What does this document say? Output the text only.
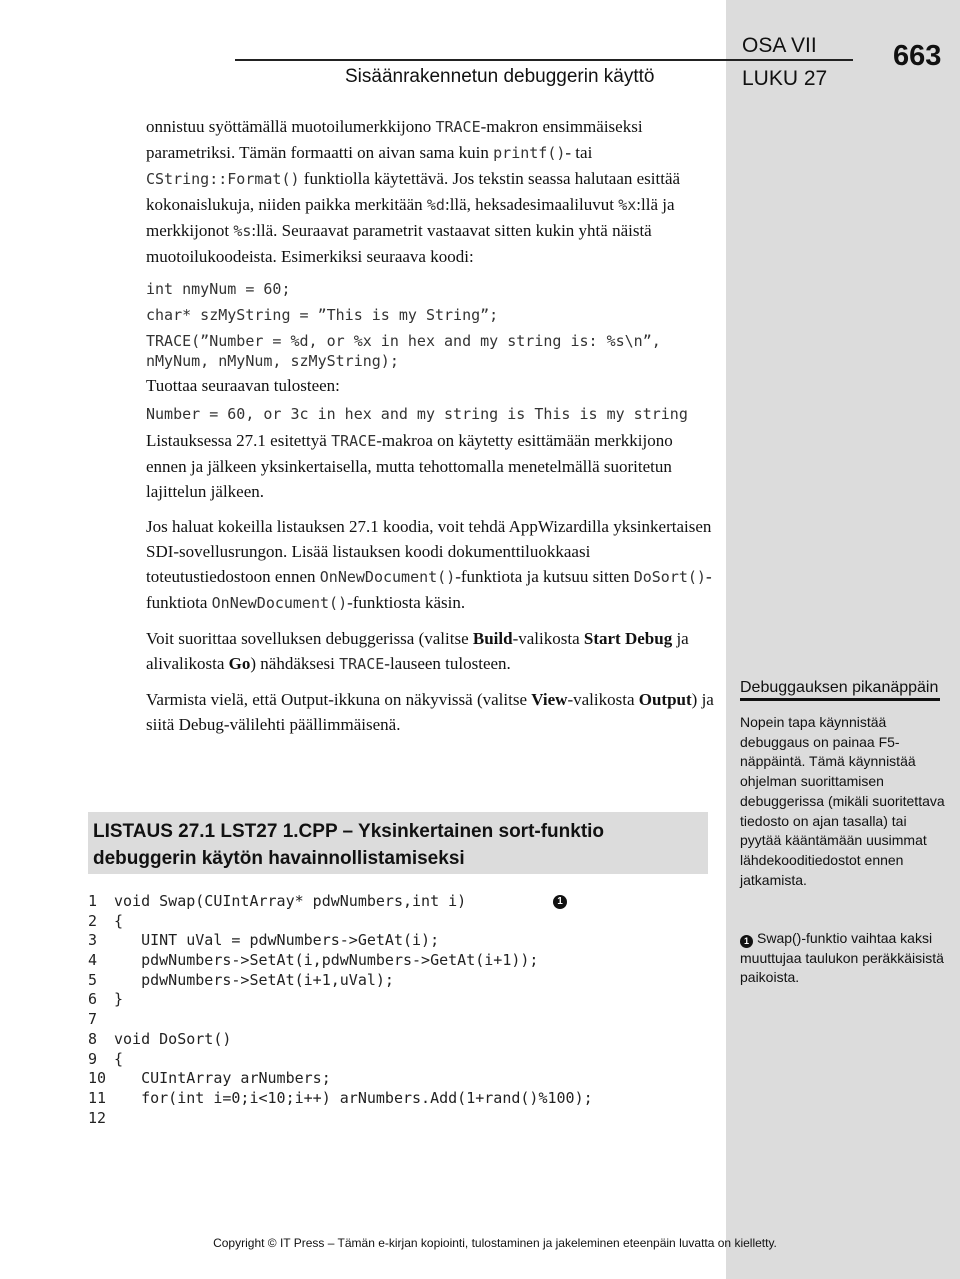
Sisäänrakennetun debuggerin käyttö
OSA VII
LUKU 27
663

onnistuu syöttämällä muotoilumerkkijono TRACE-makron ensimmäiseksi parametriksi. Tämän formaatti on aivan sama kuin printf()- tai CString::Format() funktiolla käytettävä. Jos tekstin seassa halutaan esittää kokonaislukuja, niiden paikka merkitään %d:llä, heksadesimaaliluvut %x:llä ja merkkijonot %s:llä. Seuraavat parametrit vastaavat sitten kukin yhtä näistä muotoilukoodeista. Esimerkiksi seuraava koodi:

int nmyNum = 60;
char* szMyString = ”This is my String”;
TRACE(”Number = %d, or %x in hex and my string is: %s\n”, nMyNum, nMyNum, szMyString);

Tuottaa seuraavan tulosteen:

Number = 60, or 3c in hex and my string is This is my string

Listauksessa 27.1 esitettyä TRACE-makroa on käytetty esittämään merkkijono ennen ja jälkeen yksinkertaisella, mutta tehottomalla menetelmällä suoritetun lajittelun jälkeen.

Jos haluat kokeilla listauksen 27.1 koodia, voit tehdä AppWizardilla yksinkertaisen SDI-sovellusrungon. Lisää listauksen koodi dokumenttiluokkaasi toteutustiedostoon ennen OnNewDocument()-funktiota ja kutsuu sitten DoSort()-funktiota OnNewDocument()-funktiosta käsin.

Voit suorittaa sovelluksen debuggerissa (valitse Build-valikosta Start Debug ja alivalikosta Go) nähdäksesi TRACE-lauseen tulosteen.

Varmista vielä, että Output-ikkuna on näkyvissä (valitse View-valikosta Output) ja siitä Debug-välilehti päällimmäisenä.

LISTAUS 27.1 LST27 1.CPP – Yksinkertainen sort-funktio debuggerin käytön havainnollistamiseksi
1	void Swap(CUIntArray* pdwNumbers,int i)
2	{
3	UINT uVal = pdwNumbers->GetAt(i);
4	pdwNumbers->SetAt(i,pdwNumbers->GetAt(i+1));
5	pdwNumbers->SetAt(i+1,uVal);
6	}
7
8	void DoSort()
9	{
10 CUIntArray arNumbers;
11 for(int i=0;i<10;i++) arNumbers.Add(1+rand()%100);
12
1
Debuggauksen pikanäppäin
Nopein tapa käynnistää debuggaus on painaa F5-näppäintä. Tämä käynnistää ohjelman suorittamisen debuggerissa (mikäli suoritettava tiedosto on ajan tasalla) tai pyytää kääntämään uusimmat lähdekooditiedostot ennen jatkamista.
1 Swap()-funktio vaihtaa kaksi muuttujaa taulukon peräkkäisistä paikoista.
Copyright © IT Press – Tämän e-kirjan kopiointi, tulostaminen ja jakeleminen eteenpäin luvatta on kielletty.
